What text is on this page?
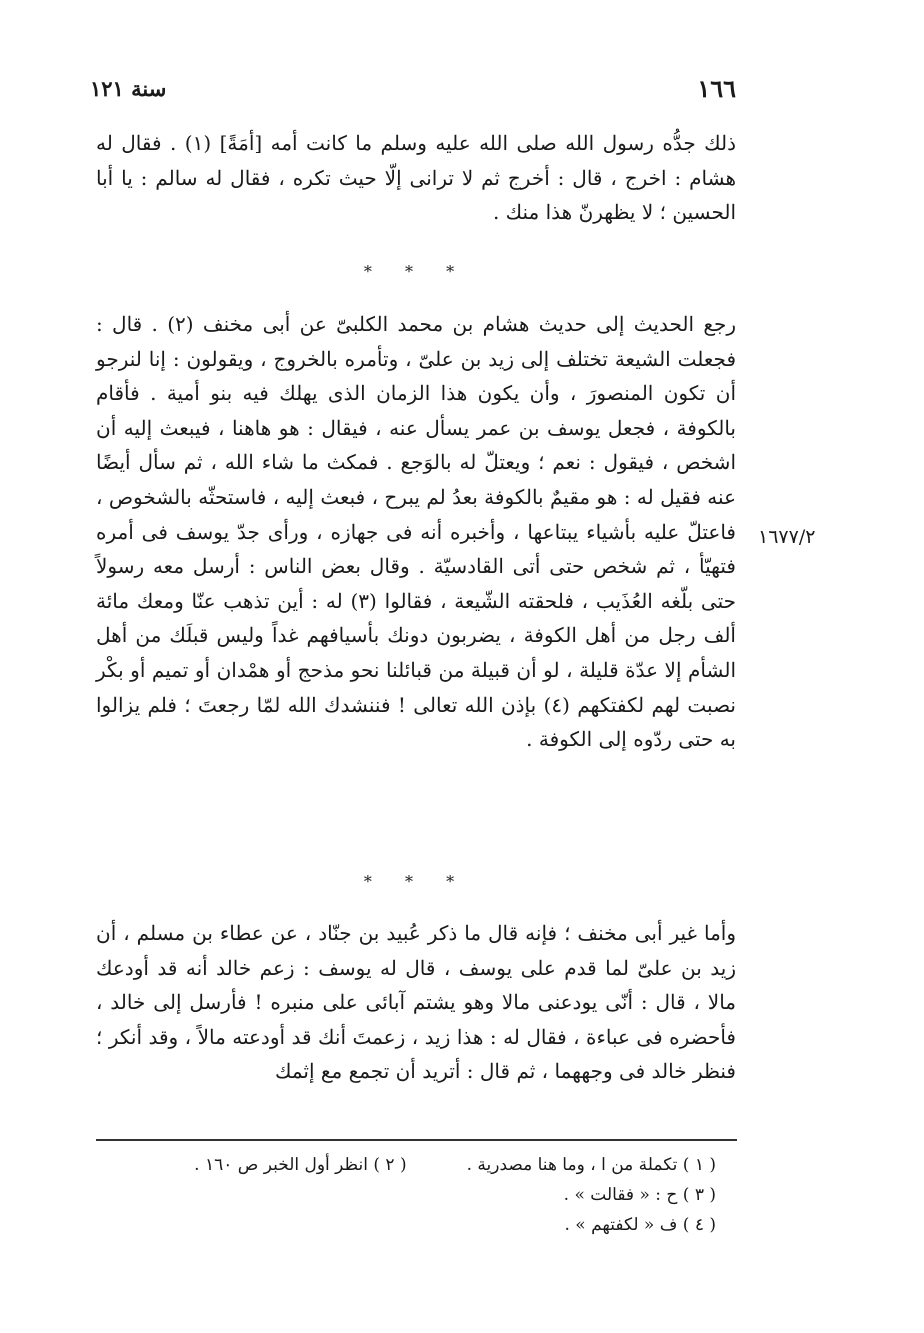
١٦٦
سنة ١٢١

ذلك جدُّه رسول الله صلى الله عليه وسلم ما كانت أمه [أمَةً] (١) . فقال له هشام : اخرج ، قال : أخرج ثم لا ترانى إلّا حيث تكره ، فقال له سالم : يا أبا الحسين ؛ لا يظهرنّ هذا منك .

* * *

رجع الحديث إلى حديث هشام بن محمد الكلبىّ عن أبى مخنف (٢) . قال : فجعلت الشيعة تختلف إلى زيد بن علىّ ، وتأمره بالخروج ، ويقولون : إنا لنرجو أن تكون المنصورَ ، وأن يكون هذا الزمان الذى يهلك فيه بنو أمية . فأقام بالكوفة ، فجعل يوسف بن عمر يسأل عنه ، فيقال : هو هاهنا ، فيبعث إليه أن اشخص ، فيقول : نعم ؛ ويعتلّ له بالوَجع . فمكث ما شاء الله ، ثم سأل أيضًا عنه فقيل له : هو مقيمٌ بالكوفة بعدُ لم يبرح ، فبعث إليه ، فاستحثّه بالشخوص ، فاعتلّ عليه بأشياء يبتاعها ، وأخبره أنه فى جهازه ، ورأى جدّ يوسف فى أمره فتهيّأ ، ثم شخص حتى أتى القادسيّة . وقال بعض الناس : أرسل معه رسولاً حتى بلّغه العُذَيب ، فلحقته الشّيعة ، فقالوا (٣) له : أين تذهب عنّا ومعك مائة ألف رجل من أهل الكوفة ، يضربون دونك بأسيافهم غداً وليس قبلَك من أهل الشأم إلا عدّة قليلة ، لو أن قبيلة من قبائلنا نحو مذحج أو همْدان أو تميم أو بكْر نصبت لهم لكفتكهم (٤) بإذن الله تعالى ! فننشدك الله لمّا رجعتَ ؛ فلم يزالوا به حتى ردّوه إلى الكوفة .

١٦٧٧/٢
* * *

وأما غير أبى مخنف ؛ فإنه قال ما ذكر عُبيد بن جنّاد ، عن عطاء بن مسلم ، أن زيد بن علىّ لما قدم على يوسف ، قال له يوسف : زعم خالد أنه قد أودعك مالا ، قال : أنّى يودعنى مالا وهو يشتم آبائى على منبره ! فأرسل إلى خالد ، فأحضره فى عباءة ، فقال له : هذا زيد ، زعمتَ أنك قد أودعته مالاً ، وقد أنكر ؛ فنظر خالد فى وجههما ، ثم قال : أتريد أن تجمع مع إثمك

( ١ ) تكملة من ا ، وما هنا مصدرية .
( ٢ ) انظر أول الخبر ص ١٦٠ .
( ٣ ) ح : « فقالت » .
( ٤ ) ف « لكفتهم » .
